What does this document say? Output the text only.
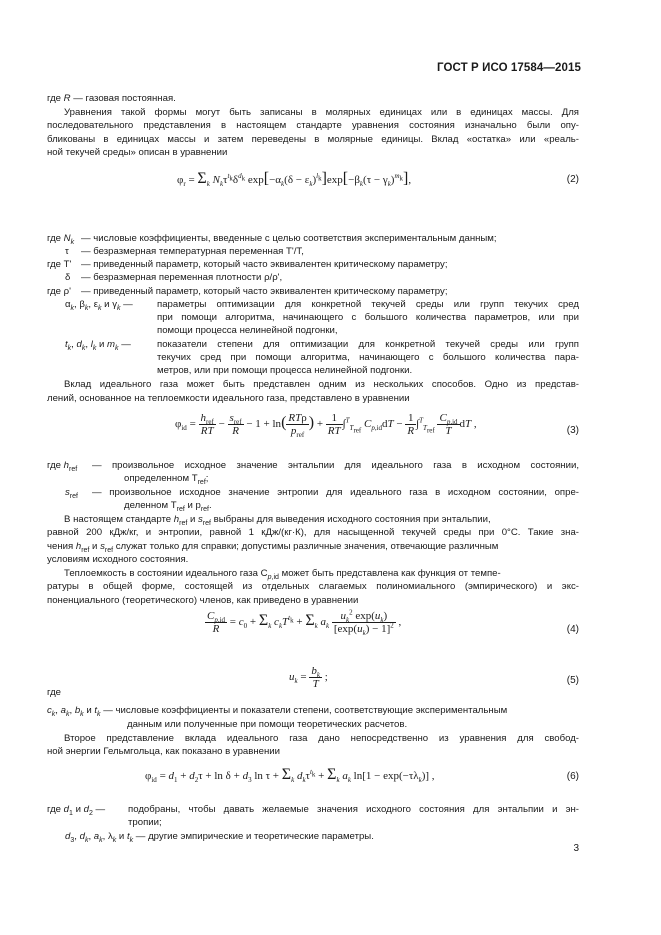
ГОСТ Р ИСО 17584—2015
где R — газовая постоянная.
Уравнения такой формы могут быть записаны в молярных единицах или в единицах массы. Для
последовательного представления в настоящем стандарте уравнения состояния изначально были опу-
бликованы в единицах массы и затем переведены в молярные единицы. Вклад «остатка» или «реаль-
ной текучей среды» описан в уравнении
$\varphi_r = \Sigma_k$ $N_k\tau^{t_k}\delta^{d_k}$ $\exp[-\alpha_k(\delta - \varepsilon_k)^{l_k}]\exp[-\beta_k(\tau - \gamma_k)^{m_k}]$,	(2)
где $N_k$ — числовые коэффициенты, введенные с целью соответствия экспериментальным данным;
τ — безразмерная температурная переменная T'/T,
где T' — приведенный параметр, который часто эквивалентен критическому параметру;
δ — безразмерная переменная плотности ρ/ρ',
где ρ' — приведенный параметр, который часто эквивалентен критическому параметру;
$\alpha_k$, $\beta_k$, $\varepsilon_k$ и $\gamma_k$ —	параметры оптимизации для конкретной текучей среды или групп текучих сред
при помощи алгоритма, начинающего с большого количества параметров, или при
помощи процесса нелинейной подгонки,
$t_k$, $d_k$, $l_k$ и $m_k$ —	показатели степени для оптимизации для конкретной текучей среды или групп
текучих сред при помощи алгоритма, начинающего с большого количества пара-
метров, или при помощи процесса нелинейной подгонки.
Вклад идеального газа может быть представлен одним из нескольких способов. Одно из представ-
лений, основанное на теплоемкости идеального газа, представлено в уравнении
$\varphi_{id} = \frac{h_{ref}}{RT} - \frac{s_{ref}}{R} - 1 + \ln( \frac{\text{RTρ}}{p_{ref}}$ ) + $\frac{1}{RT} \int^T_{T_{ref}}$ $C_{p,id}dT - \frac{1}{R} \int^T_{T_{ref}} \frac{C_{p,id}}{T}$ dT ,
(3)
где $h_{ref}$ — произвольное исходное значение энтальпии для идеального газа в исходном состоянии,
определенном $T_{ref}$;
$s_{ref}$ — произвольное исходное значение энтропии для идеального газа в исходном состоянии, опре-
деленном $T_{ref}$ и $p_{ref}$.
В настоящем стандарте $h_{ref}$ и $s_{ref}$ выбраны для выведения исходного состояния при энтальпии,
равной 200 кДж/кг, и энтропии, равной 1 кДж/(кг·К), для насыщенной текучей среды при 0°С. Такие зна-
чения $h_{ref}$ и $s_{ref}$ служат только для справки; допустимы различные значения, отвечающие различным
условиям исходного состояния.
Теплоемкость в состоянии идеального газа $C_{p,id}$ может быть представлена как функция от темпе-
ратуры в общей форме, состоящей из отдельных слагаемых полиномиального (эмпирического) и экс-
поненциального (теоретического) членов, как приведено в уравнении
$\frac{C_{p,id}}{R} = c_0 + \Sigma_k$ $c_kT^{t_k} + \Sigma_k$ $a_k \frac{u_k^2 \exp(u_k)}{[\exp(u_k) - 1]^2}$ ,
(4)
$u_k = \frac{b_k}{T}$ ;	(5)
где
$c_k$, $a_k$, $b_k$ и $t_k$ — числовые коэффициенты и показатели степени, соответствующие экспериментальным
данным или полученные при помощи теоретических расчетов.
Второе представление вклада идеального газа дано непосредственно из уравнения для свобод-
ной энергии Гельмгольца, как показано в уравнении
$\varphi_{id} = d_1 + d_2\tau + \ln \delta + d_3$ $\ln \tau + \Sigma_k$ $d_k\tau^{t_k} + \Sigma_k$ $a_k$ $\ln[1 - \exp(-\tau\lambda_k)]$ ,	(6)
где $d_1$ и $d_2$ — подобраны, чтобы давать желаемые значения исходного состояния для энтальпии и эн-
тропии;
$d_3$, $d_k$, $a_k$, $\lambda_k$ и $t_k$ — другие эмпирические и теоретические параметры.
3
